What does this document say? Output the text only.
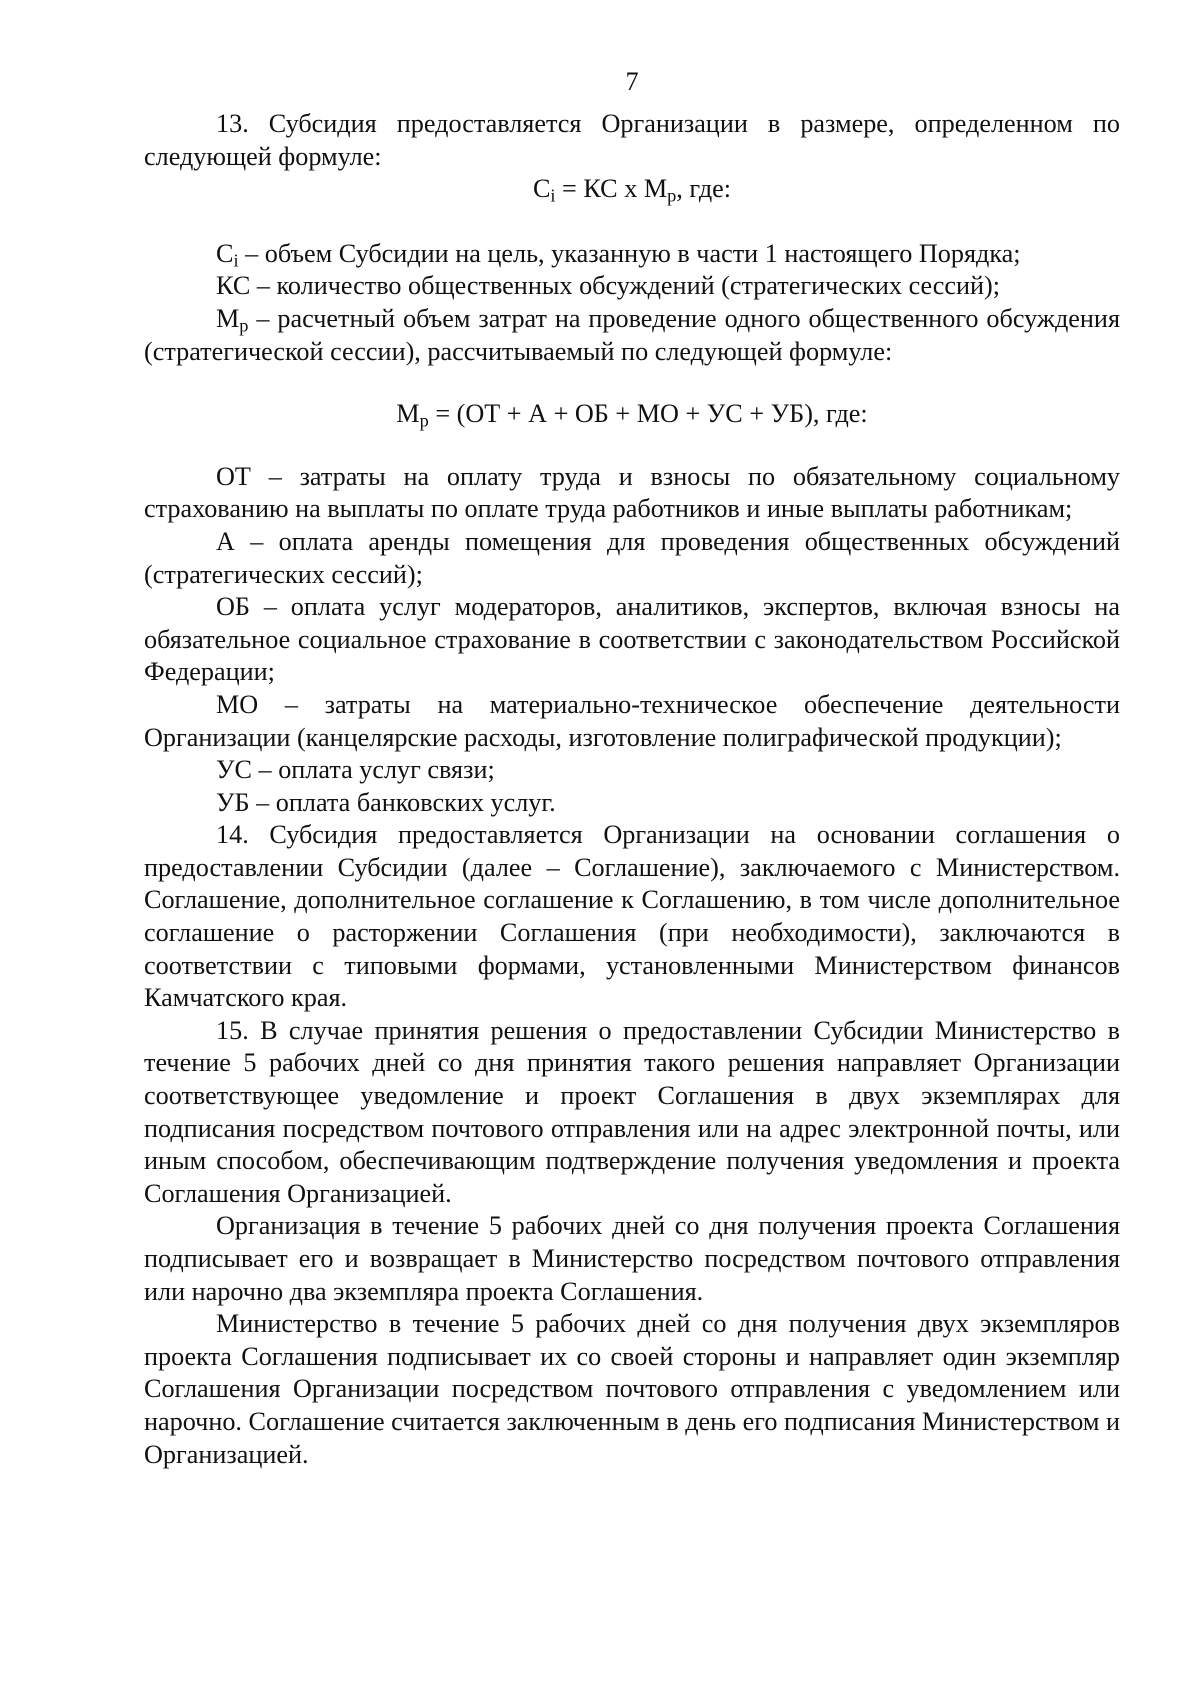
7

13. Субсидия предоставляется Организации в размере, определенном по следующей формуле:

$C_i$ = КС х $М_р$, где:

$C_i$ – объем Субсидии на цель, указанную в части 1 настоящего Порядка;

КС – количество общественных обсуждений (стратегических сессий);

$М_р$ – расчетный объем затрат на проведение одного общественного обсуждения (стратегической сессии), рассчитываемый по следующей формуле:

$М_р = (ОТ + А$ + ОБ + МО + УС + УБ), где:

ОТ – затраты на оплату труда и взносы по обязательному социальному страхованию на выплаты по оплате труда работников и иные выплаты работникам;

А – оплата аренды помещения для проведения общественных обсуждений (стратегических сессий);

ОБ – оплата услуг модераторов, аналитиков, экспертов, включая взносы на обязательное социальное страхование в соответствии с законодательством Российской Федерации;

МО – затраты на материально-техническое обеспечение деятельности Организации (канцелярские расходы, изготовление полиграфической продукции);

УС – оплата услуг связи;

УБ – оплата банковских услуг.

14. Субсидия предоставляется Организации на основании соглашения о предоставлении Субсидии (далее – Соглашение), заключаемого с Министерством. Соглашение, дополнительное соглашение к Соглашению, в том числе дополнительное соглашение о расторжении Соглашения (при необходимости), заключаются в соответствии с типовыми формами, установленными Министерством финансов Камчатского края.

15. В случае принятия решения о предоставлении Субсидии Министерство в течение 5 рабочих дней со дня принятия такого решения направляет Организации соответствующее уведомление и проект Соглашения в двух экземплярах для подписания посредством почтового отправления или на адрес электронной почты, или иным способом, обеспечивающим подтверждение получения уведомления и проекта Соглашения Организацией.

Организация в течение 5 рабочих дней со дня получения проекта Соглашения подписывает его и возвращает в Министерство посредством почтового отправления или нарочно два экземпляра проекта Соглашения.

Министерство в течение 5 рабочих дней со дня получения двух экземпляров проекта Соглашения подписывает их со своей стороны и направляет один экземпляр Соглашения Организации посредством почтового отправления с уведомлением или нарочно. Соглашение считается заключенным в день его подписания Министерством и Организацией.
